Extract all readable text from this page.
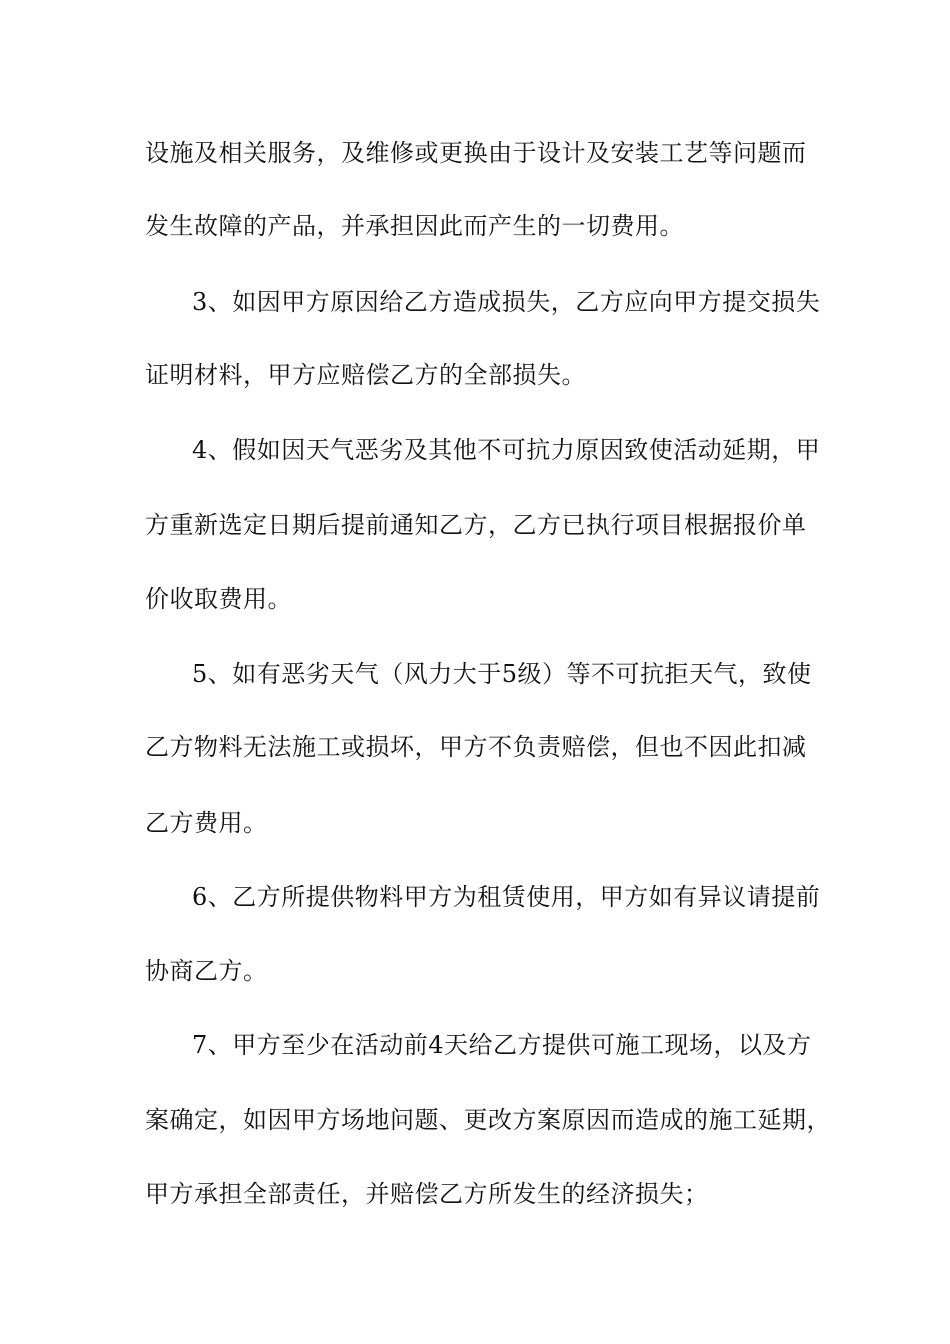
设施及相关服务，及维修或更换由于设计及安装工艺等问题而
发生故障的产品，并承担因此而产生的一切费用。
3、如因甲方原因给乙方造成损失，乙方应向甲方提交损失
证明材料，甲方应赔偿乙方的全部损失。
4、假如因天气恶劣及其他不可抗力原因致使活动延期，甲
方重新选定日期后提前通知乙方，乙方已执行项目根据报价单
价收取费用。
5、如有恶劣天气（风力大于5级）等不可抗拒天气，致使
乙方物料无法施工或损坏，甲方不负责赔偿，但也不因此扣减
乙方费用。
6、乙方所提供物料甲方为租赁使用，甲方如有异议请提前
协商乙方。
7、甲方至少在活动前4天给乙方提供可施工现场，以及方
案确定，如因甲方场地问题、更改方案原因而造成的施工延期，
甲方承担全部责任，并赔偿乙方所发生的经济损失；
